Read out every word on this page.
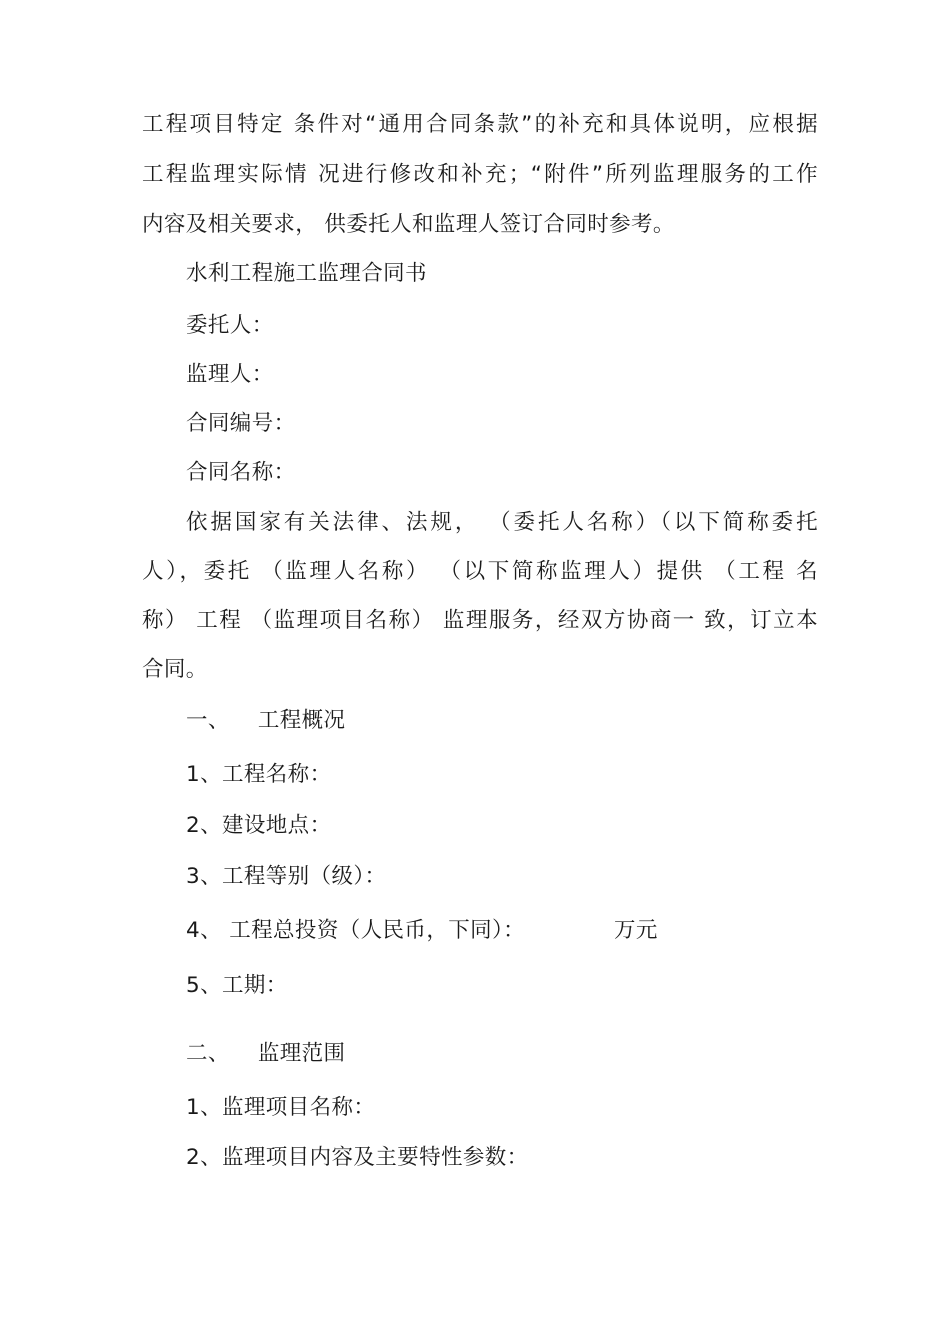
工程项目特定 条件对“通用合同条款”的补充和具体说明，应根据
工程监理实际情 况进行修改和补充；“附件”所列监理服务的工作
内容及相关要求， 供委托人和监理人签订合同时参考。
水利工程施工监理合同书
委托人：
监理人：
合同编号：
合同名称：
依据国家有关法律、法规， （委托人名称）（以下简称委托
人），委托 （监理人名称） （以下简称监理人）提供 （工程 名
称） 工程 （监理项目名称） 监理服务，经双方协商一 致，订立本
合同。
一、 工程概况
1、工程名称：
2、建设地点：
3、工程等别（级）：
4、 工程总投资（人民币，下同）：	万元
5、工期：
二、 监理范围
1、监理项目名称：
2、监理项目内容及主要特性参数：
